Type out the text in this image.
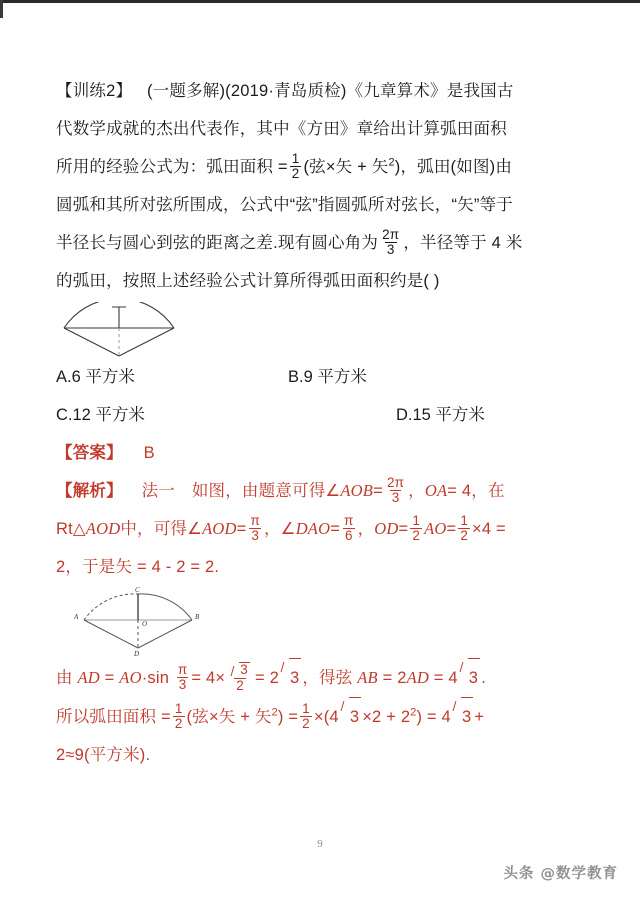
【训练2】 (一题多解)(2019·青岛质检)《九章算术》是我国古
代数学成就的杰出代表作，其中《方田》章给出计算弧田面积
所用的经验公式为：弧田面积 = $\frac{1}{2}$ (弦×矢 + 矢$^2$)，弧田(如图)由
圆弧和其所对弦所围成，公式中“弦”指圆弧所对弦长，“矢”等于
半径长与圆心到弦的距离之差.现有圆心角为 $\frac{2\pi}{3}$ ，半径等于 4 米
的弧田，按照上述经验公式计算所得弧田面积约是( )
A.6 平方米	B.9 平方米
C.12 平方米	D.15 平方米
【答案】 B
【解析】 法一 如图，由题意可得∠AOB= $\frac{2\pi}{3}$ ，OA= 4，在
Rt△AOD中，可得∠AOD= $\frac{\pi}{3}$ ，∠DAO= $\frac{\pi}{6}$ ，$OD= \frac{1}{2} AO= \frac{1}{2} \times 4$ =
2，于是矢 = 4 - 2 = 2.
C
A	B
O
D
由 AD = $AO\cdot\sin \frac{\pi}{3} = 4\times \frac{3}{2} = 2$ 3 ，得弦 AB = 2AD = 4 3 .
所以弧田面积 = $\frac{1}{2}$ (弦×矢 + 矢$^2) = \frac{1}{2} \times(4$ $3 \times 2 + 2^2) = 4$ 3 +
2≈9(平方米).
9
头条 @数学教育
